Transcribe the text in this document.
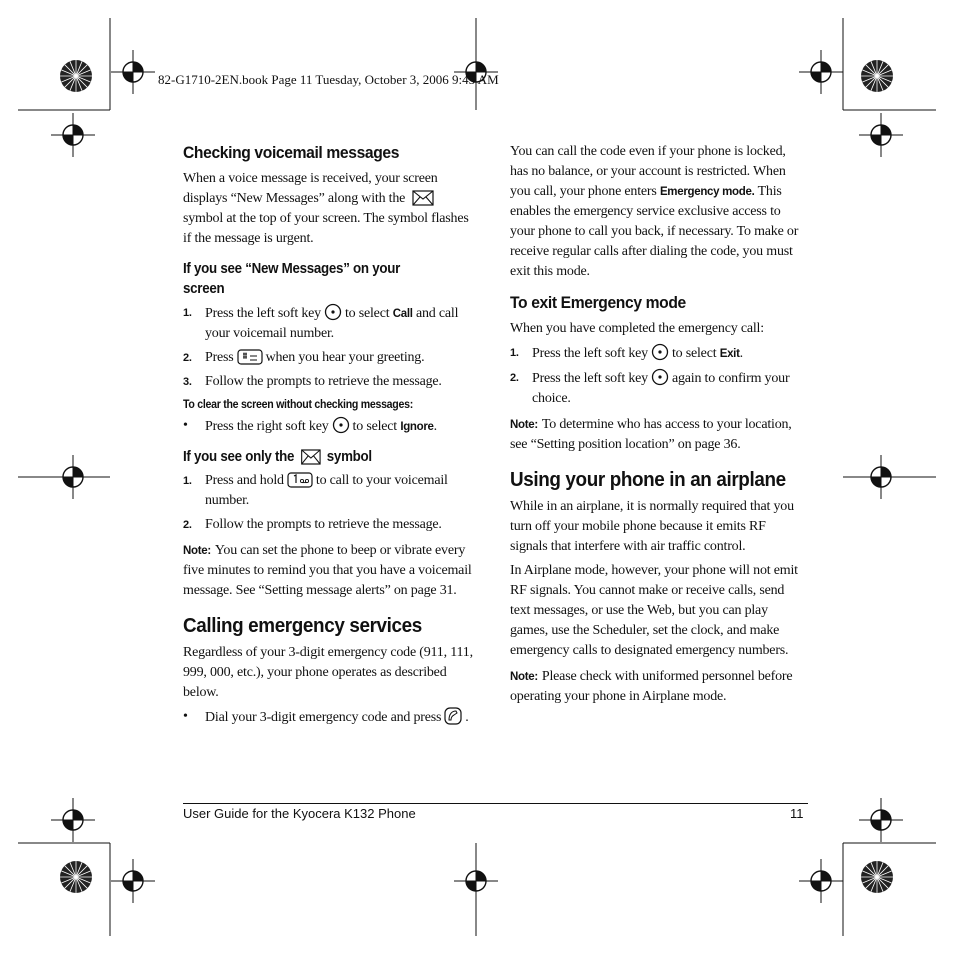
82-G1710-2EN.book Page 11 Tuesday, October 3, 2006 9:45 AM
Checking voicemail messages

When a voice message is received, your screen displays “New Messages” along with the  symbol at the top of your screen. The symbol flashes if the message is urgent.

If you see “New Messages” on your screen
1. Press the left soft key to select Call and call your voicemail number.
2. Press when you hear your greeting.
3. Follow the prompts to retrieve the message.

To clear the screen without checking messages:

•	Press the right soft key to select Ignore.
If you see only the symbol
1. Press and hold to call to your voicemail number.
2. Follow the prompts to retrieve the message.

Note: You can set the phone to beep or vibrate every five minutes to remind you that you have a voicemail message. See “Setting message alerts” on page 31.

Calling emergency services

Regardless of your 3-digit emergency code (911, 111, 999, 000, etc.), your phone operates as described below.

•	Dial your 3-digit emergency code and press .

You can call the code even if your phone is locked, has no balance, or your account is restricted. When you call, your phone enters Emergency mode. This enables the emergency service exclusive access to your phone to call you back, if necessary. To make or receive regular calls after dialing the code, you must exit this mode.

To exit Emergency mode

When you have completed the emergency call:

1. Press the left soft key to select Exit.
2. Press the left soft key again to confirm your choice.

Note: To determine who has access to your location, see “Setting position location” on page 36.

Using your phone in an airplane

While in an airplane, it is normally required that you turn off your mobile phone because it emits RF signals that interfere with air traffic control.

In Airplane mode, however, your phone will not emit RF signals. You cannot make or receive calls, send text messages, or use the Web, but you can play games, use the Scheduler, set the clock, and make emergency calls to designated emergency numbers.

Note: Please check with uniformed personnel before operating your phone in Airplane mode.

User Guide for the Kyocera K132 Phone	11
